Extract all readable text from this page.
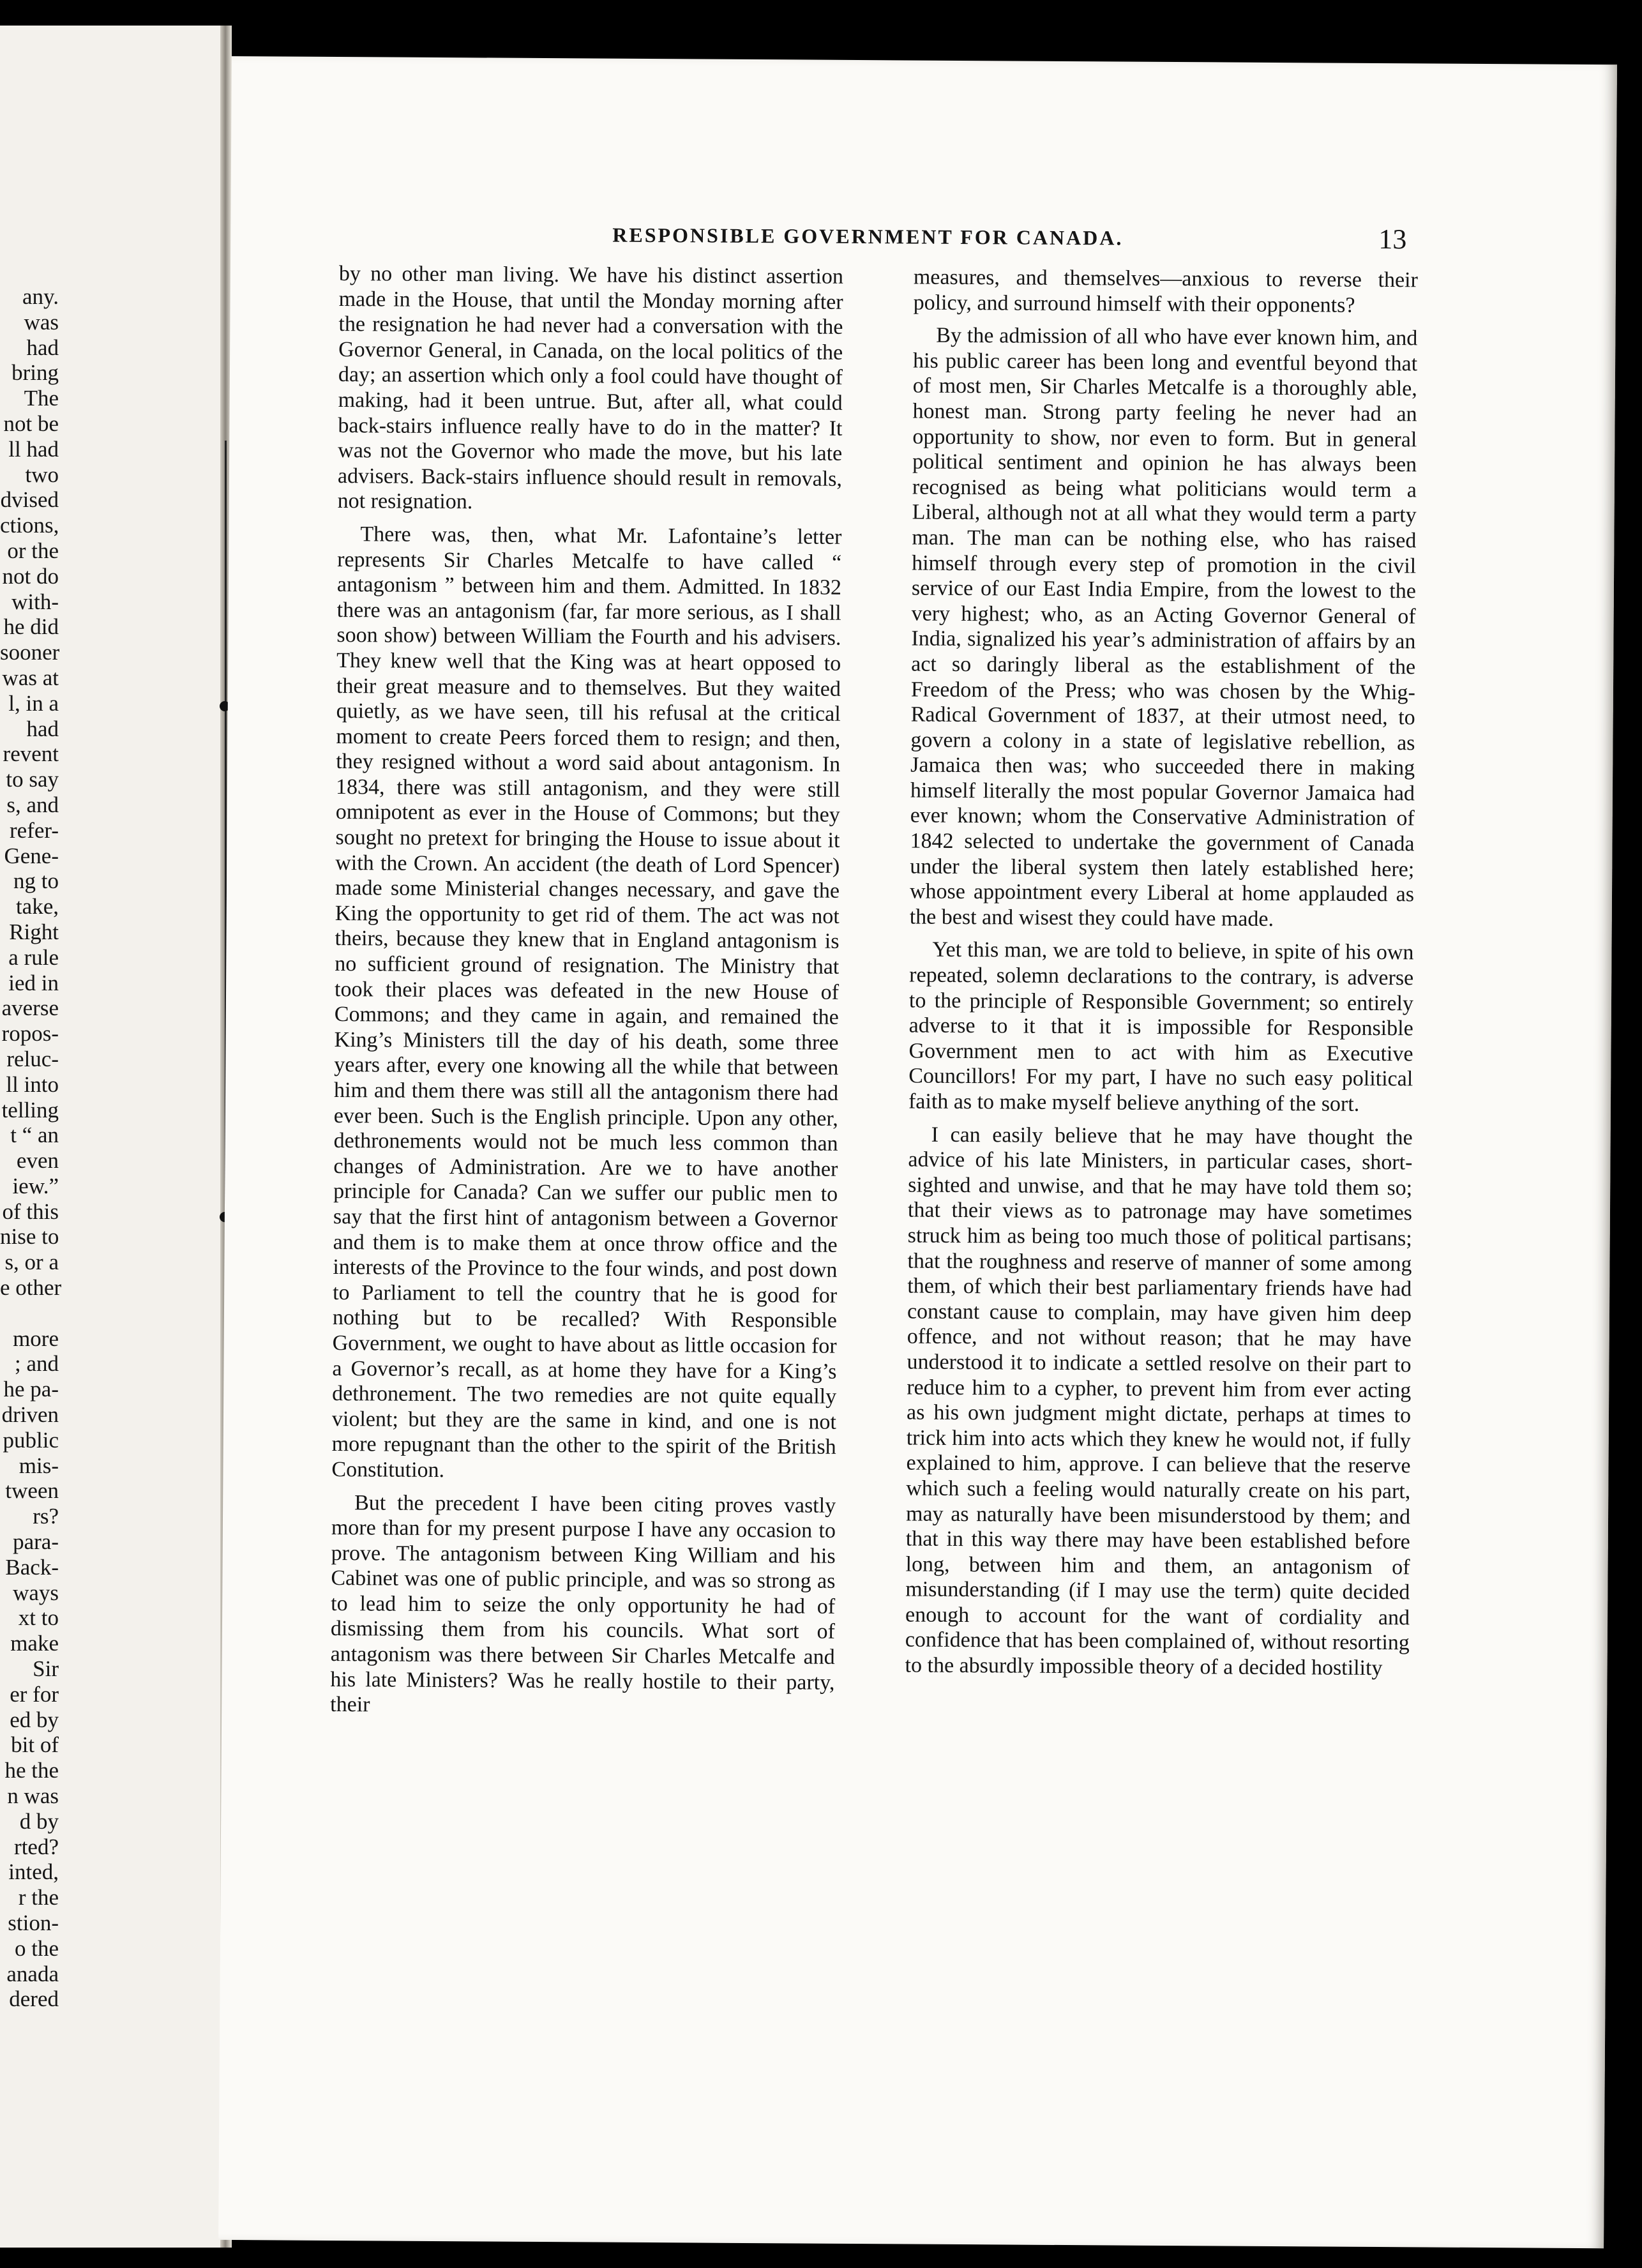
any.
was
had
bring
The
not be
ll had
two
dvised
ctions,
or the
not do
with-
he did
sooner
was at
l, in a
had
revent
to say
s, and
refer-
Gene-
ng to
take,
Right
a rule
ied in
averse
ropos-
reluc-
ll into
telling
t “ an
even
iew.”
of this
nise to
s, or a
e other
more
; and
he pa-
driven
public
mis-
tween
rs?
para-
Back-
ways
xt to
make
Sir
er for
ed by
bit of
he the
n was
d by
rted?
inted,
r the
stion-
o the
anada
dered
RESPONSIBLE GOVERNMENT FOR CANADA.	13

by no other man living. We have his distinct assertion made in the House, that until the Monday morning after the resignation he had never had a conversation with the Governor General, in Canada, on the local politics of the day; an assertion which only a fool could have thought of making, had it been untrue. But, after all, what could back-stairs influence really have to do in the matter? It was not the Governor who made the move, but his late advisers. Back-stairs influence should result in removals, not resignation.

There was, then, what Mr. Lafontaine’s letter represents Sir Charles Metcalfe to have called “ antagonism ” between him and them. Admitted. In 1832 there was an antagonism (far, far more serious, as I shall soon show) between William the Fourth and his advisers. They knew well that the King was at heart opposed to their great measure and to themselves. But they waited quietly, as we have seen, till his refusal at the critical moment to create Peers forced them to resign; and then, they resigned without a word said about antagonism. In 1834, there was still antagonism, and they were still omnipotent as ever in the House of Commons; but they sought no pretext for bringing the House to issue about it with the Crown. An accident (the death of Lord Spencer) made some Ministerial changes necessary, and gave the King the opportunity to get rid of them. The act was not theirs, because they knew that in England antagonism is no sufficient ground of resignation. The Ministry that took their places was defeated in the new House of Commons; and they came in again, and remained the King’s Ministers till the day of his death, some three years after, every one knowing all the while that between him and them there was still all the antagonism there had ever been. Such is the English principle. Upon any other, dethronements would not be much less common than changes of Administration. Are we to have another principle for Canada? Can we suffer our public men to say that the first hint of antagonism between a Governor and them is to make them at once throw office and the interests of the Province to the four winds, and post down to Parliament to tell the country that he is good for nothing but to be recalled? With Responsible Government, we ought to have about as little occasion for a Governor’s recall, as at home they have for a King’s dethronement. The two remedies are not quite equally violent; but they are the same in kind, and one is not more repugnant than the other to the spirit of the British Constitution.

But the precedent I have been citing proves vastly more than for my present purpose I have any occasion to prove. The antagonism between King William and his Cabinet was one of public principle, and was so strong as to lead him to seize the only opportunity he had of dismissing them from his councils. What sort of antagonism was there between Sir Charles Metcalfe and his late Ministers? Was he really hostile to their party, their

measures, and themselves—anxious to reverse their policy, and surround himself with their opponents?

By the admission of all who have ever known him, and his public career has been long and eventful beyond that of most men, Sir Charles Metcalfe is a thoroughly able, honest man. Strong party feeling he never had an opportunity to show, nor even to form. But in general political sentiment and opinion he has always been recognised as being what politicians would term a Liberal, although not at all what they would term a party man. The man can be nothing else, who has raised himself through every step of promotion in the civil service of our East India Empire, from the lowest to the very highest; who, as an Acting Governor General of India, signalized his year’s administration of affairs by an act so daringly liberal as the establishment of the Freedom of the Press; who was chosen by the Whig-Radical Government of 1837, at their utmost need, to govern a colony in a state of legislative rebellion, as Jamaica then was; who succeeded there in making himself literally the most popular Governor Jamaica had ever known; whom the Conservative Administration of 1842 selected to undertake the government of Canada under the liberal system then lately established here; whose appointment every Liberal at home applauded as the best and wisest they could have made.

Yet this man, we are told to believe, in spite of his own repeated, solemn declarations to the contrary, is adverse to the principle of Responsible Government; so entirely adverse to it that it is impossible for Responsible Government men to act with him as Executive Councillors! For my part, I have no such easy political faith as to make myself believe anything of the sort.

I can easily believe that he may have thought the advice of his late Ministers, in particular cases, short-sighted and unwise, and that he may have told them so; that their views as to patronage may have sometimes struck him as being too much those of political partisans; that the roughness and reserve of manner of some among them, of which their best parliamentary friends have had constant cause to complain, may have given him deep offence, and not without reason; that he may have understood it to indicate a settled resolve on their part to reduce him to a cypher, to prevent him from ever acting as his own judgment might dictate, perhaps at times to trick him into acts which they knew he would not, if fully explained to him, approve. I can believe that the reserve which such a feeling would naturally create on his part, may as naturally have been misunderstood by them; and that in this way there may have been established before long, between him and them, an antagonism of misunderstanding (if I may use the term) quite decided enough to account for the want of cordiality and confidence that has been complained of, without resorting to the absurdly impossible theory of a decided hostility
